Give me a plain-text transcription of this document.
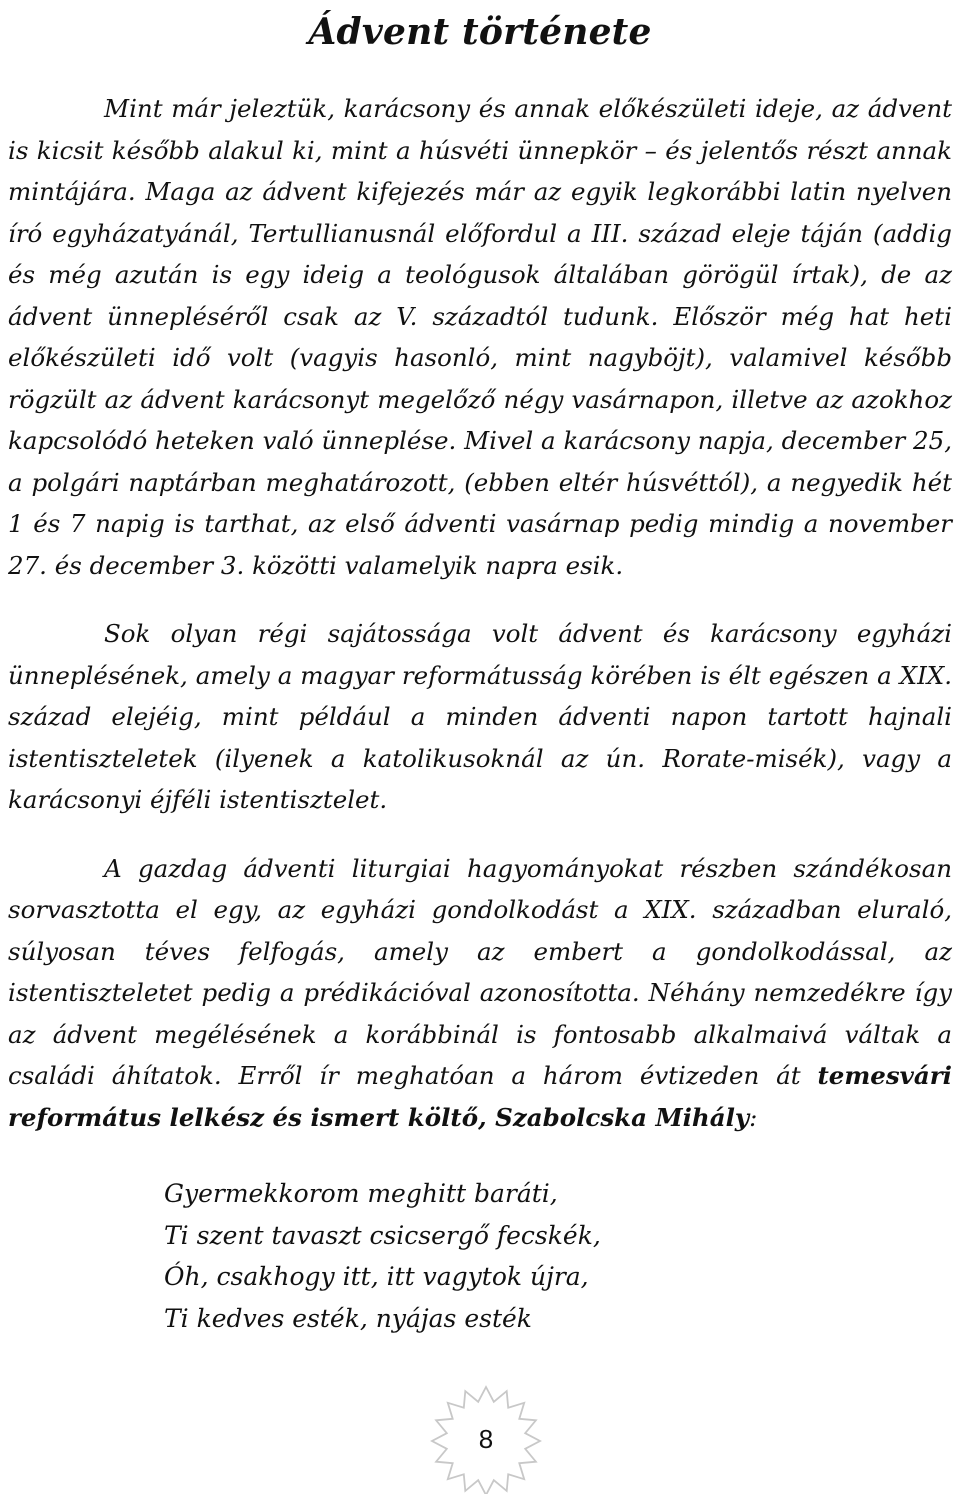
Ádvent története

Mint már jeleztük, karácsony és annak előkészületi ideje, az ádvent is kicsit később alakul ki, mint a húsvéti ünnepkör – és jelentős részt annak mintájára. Maga az ádvent kifejezés már az egyik legkorábbi latin nyelven író egyházatyánál, Tertullianusnál előfordul a III. század eleje táján (addig és még azután is egy ideig a teológusok általában görögül írtak), de az ádvent ünnepléséről csak az V. századtól tudunk. Először még hat heti előkészületi idő volt (vagyis hasonló, mint nagyböjt), valamivel később rögzült az ádvent karácsonyt megelőző négy vasárnapon, illetve az azokhoz kapcsolódó heteken való ünneplése. Mivel a karácsony napja, december 25, a polgári naptárban meghatározott, (ebben eltér húsvéttól), a negyedik hét 1 és 7 napig is tarthat, az első ádventi vasárnap pedig mindig a november 27. és december 3. közötti valamelyik napra esik.

Sok olyan régi sajátossága volt ádvent és karácsony egyházi ünneplésének, amely a magyar reformátusság körében is élt egészen a XIX. század elejéig, mint például a minden ádventi napon tartott hajnali istentiszteletek (ilyenek a katolikusoknál az ún. Rorate-misék), vagy a karácsonyi éjféli istentisztelet.

A gazdag ádventi liturgiai hagyományokat részben szándékosan sorvasztotta el egy, az egyházi gondolkodást a XIX. században eluraló, súlyosan téves felfogás, amely az embert a gondolkodással, az istentiszteletet pedig a prédikációval azonosította. Néhány nemzedékre így az ádvent megélésének a korábbinál is fontosabb alkalmaivá váltak a családi áhítatok. Erről ír meghatóan a három évtizeden át temesvári református lelkész és ismert költő, Szabolcska Mihály:

Gyermekkorom meghitt baráti,
Ti szent tavaszt csicsergő fecskék,
Óh, csakhogy itt, itt vagytok újra,
Ti kedves esték, nyájas esték
8
